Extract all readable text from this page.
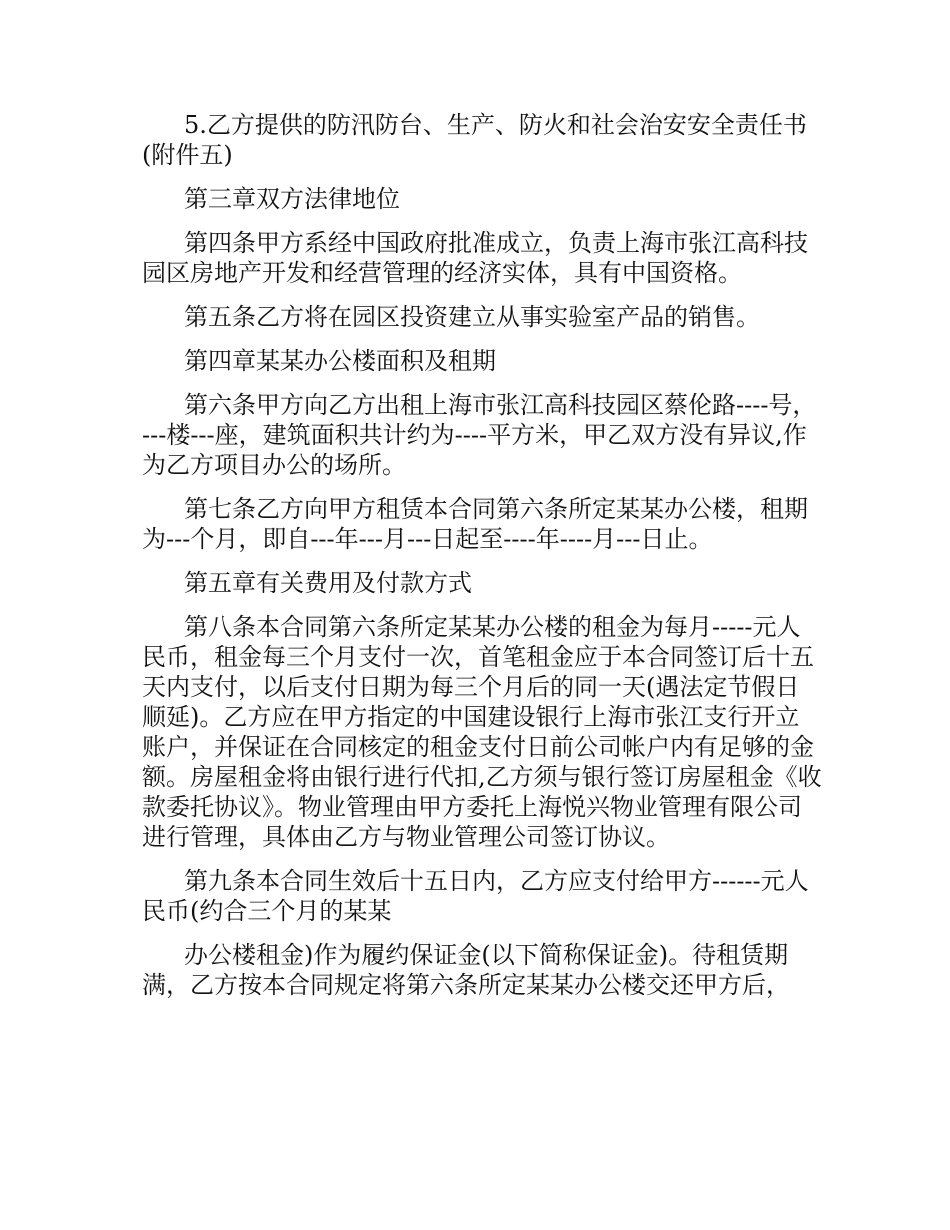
5.乙方提供的防汛防台、生产、防火和社会治安安全责任书(附件五)

第三章双方法律地位

第四条甲方系经中国政府批准成立，负责上海市张江高科技园区房地产开发和经营管理的经济实体，具有中国资格。

第五条乙方将在园区投资建立从事实验室产品的销售。

第四章某某办公楼面积及租期

第六条甲方向乙方出租上海市张江高科技园区蔡伦路----号，---楼---座，建筑面积共计约为----平方米，甲乙双方没有异议,作为乙方项目办公的场所。

第七条乙方向甲方租赁本合同第六条所定某某办公楼，租期为---个月，即自---年---月---日起至----年----月---日止。

第五章有关费用及付款方式

第八条本合同第六条所定某某办公楼的租金为每月-----元人民币，租金每三个月支付一次，首笔租金应于本合同签订后十五天内支付，以后支付日期为每三个月后的同一天(遇法定节假日顺延)。乙方应在甲方指定的中国建设银行上海市张江支行开立账户，并保证在合同核定的租金支付日前公司帐户内有足够的金额。房屋租金将由银行进行代扣,乙方须与银行签订房屋租金《收款委托协议》。物业管理由甲方委托上海悦兴物业管理有限公司进行管理，具体由乙方与物业管理公司签订协议。

第九条本合同生效后十五日内，乙方应支付给甲方------元人民币(约合三个月的某某

办公楼租金)作为履约保证金(以下简称保证金)。待租赁期满，乙方按本合同规定将第六条所定某某办公楼交还甲方后，
